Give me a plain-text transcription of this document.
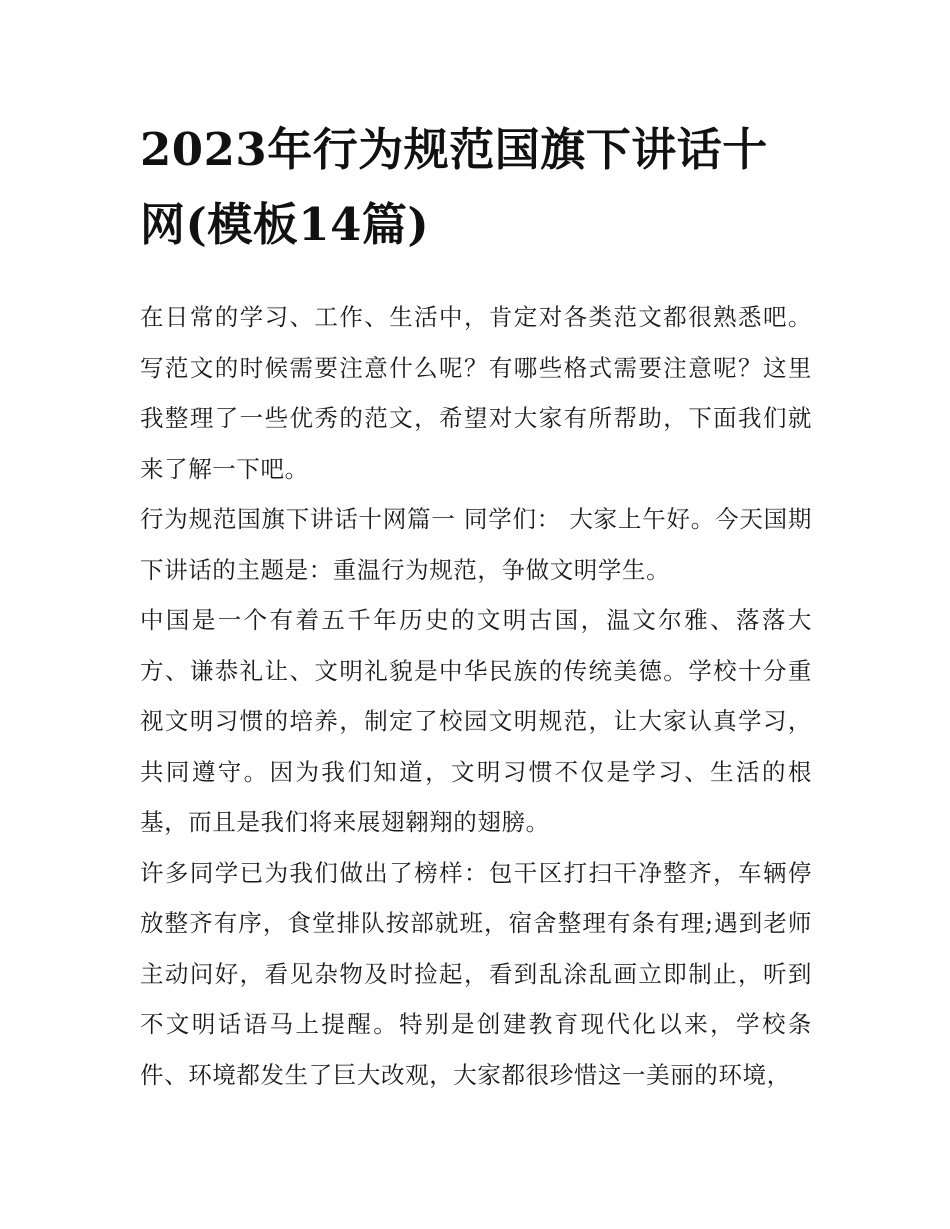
2023年行为规范国旗下讲话十网(模板14篇)

在日常的学习、工作、生活中，肯定对各类范文都很熟悉吧。写范文的时候需要注意什么呢？有哪些格式需要注意呢？这里我整理了一些优秀的范文，希望对大家有所帮助，下面我们就来了解一下吧。

行为规范国旗下讲话十网篇一 同学们： 大家上午好。今天国期下讲话的主题是：重温行为规范，争做文明学生。

中国是一个有着五千年历史的文明古国，温文尔雅、落落大方、谦恭礼让、文明礼貌是中华民族的传统美德。学校十分重视文明习惯的培养，制定了校园文明规范，让大家认真学习，共同遵守。因为我们知道，文明习惯不仅是学习、生活的根基，而且是我们将来展翅翱翔的翅膀。

许多同学已为我们做出了榜样：包干区打扫干净整齐，车辆停放整齐有序，食堂排队按部就班，宿舍整理有条有理;遇到老师主动问好，看见杂物及时捡起，看到乱涂乱画立即制止，听到不文明话语马上提醒。特别是创建教育现代化以来，学校条件、环境都发生了巨大改观，大家都很珍惜这一美丽的环境，
